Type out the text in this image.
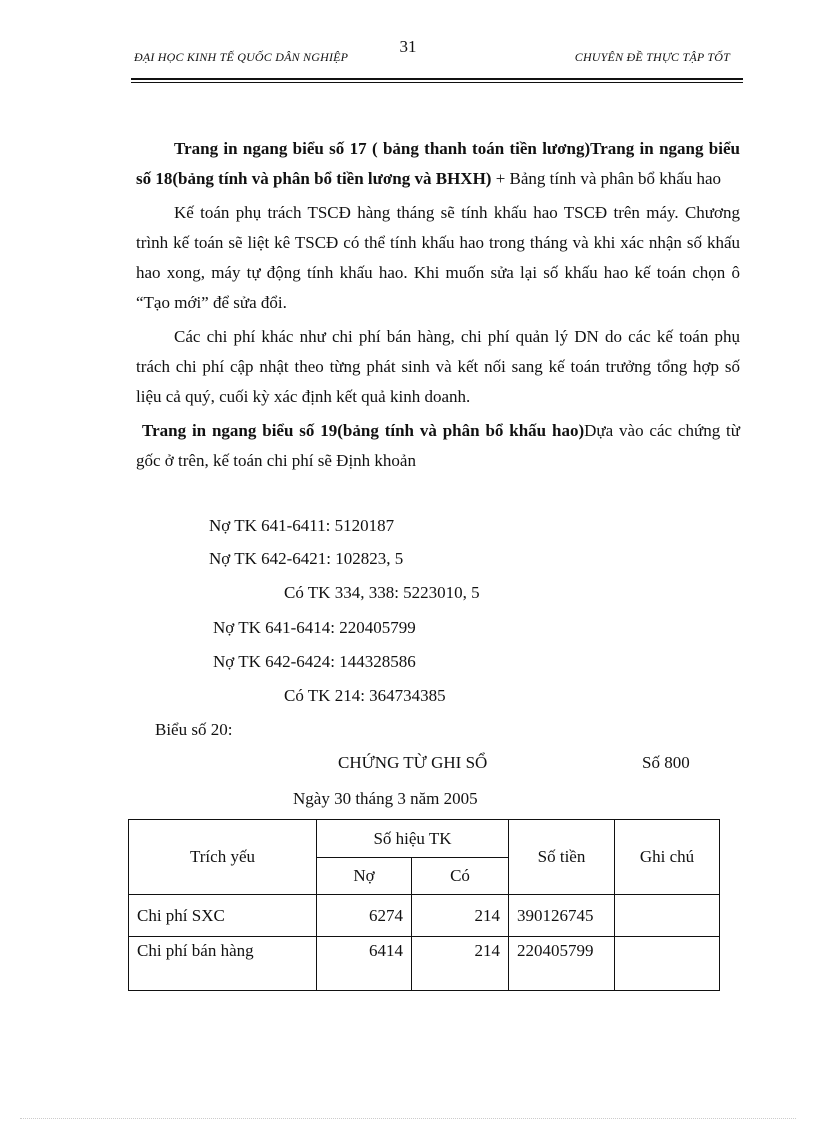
31
ĐẠI HỌC KINH TẾ QUỐC DÂN NGHIỆP	CHUYÊN ĐỀ THỰC TẬP TỐT

Trang in ngang biểu số 17 ( bảng thanh toán tiền lương)Trang in ngang biểu số 18(bảng tính và phân bổ tiền lương và BHXH) + Bảng tính và phân bổ khấu hao

Kế toán phụ trách TSCĐ hàng tháng sẽ tính khấu hao TSCĐ trên máy. Chương trình kế toán sẽ liệt kê TSCĐ có thể tính khấu hao trong tháng và khi xác nhận số khấu hao xong, máy tự động tính khấu hao. Khi muốn sửa lại số khấu hao kế toán chọn ô “Tạo mới” để sửa đổi.

Các chi phí khác như chi phí bán hàng, chi phí quản lý DN do các kế toán phụ trách chi phí cập nhật theo từng phát sinh và kết nối sang kế toán trưởng tổng hợp số liệu cả quý, cuối kỳ xác định kết quả kinh doanh.

Trang in ngang biểu số 19(bảng tính và phân bổ khấu hao)Dựa vào các chứng từ gốc ở trên, kế toán chi phí sẽ Định khoản

Nợ TK 641-6411: 5120187
Nợ TK 642-6421: 102823, 5
Có TK 334, 338: 5223010, 5
Nợ TK 641-6414: 220405799
Nợ TK 642-6424: 144328586
Có TK 214: 364734385
Biểu số 20:
CHỨNG TỪ GHI SỔ	Số 800
Ngày 30 tháng 3 năm 2005
Trích yếu	Số hiệu TK		Số tiền	Ghi chú
	Nợ	Có		
Chi phí SXC	6274	214	390126745	
Chi phí bán hàng	6414	214	220405799	
